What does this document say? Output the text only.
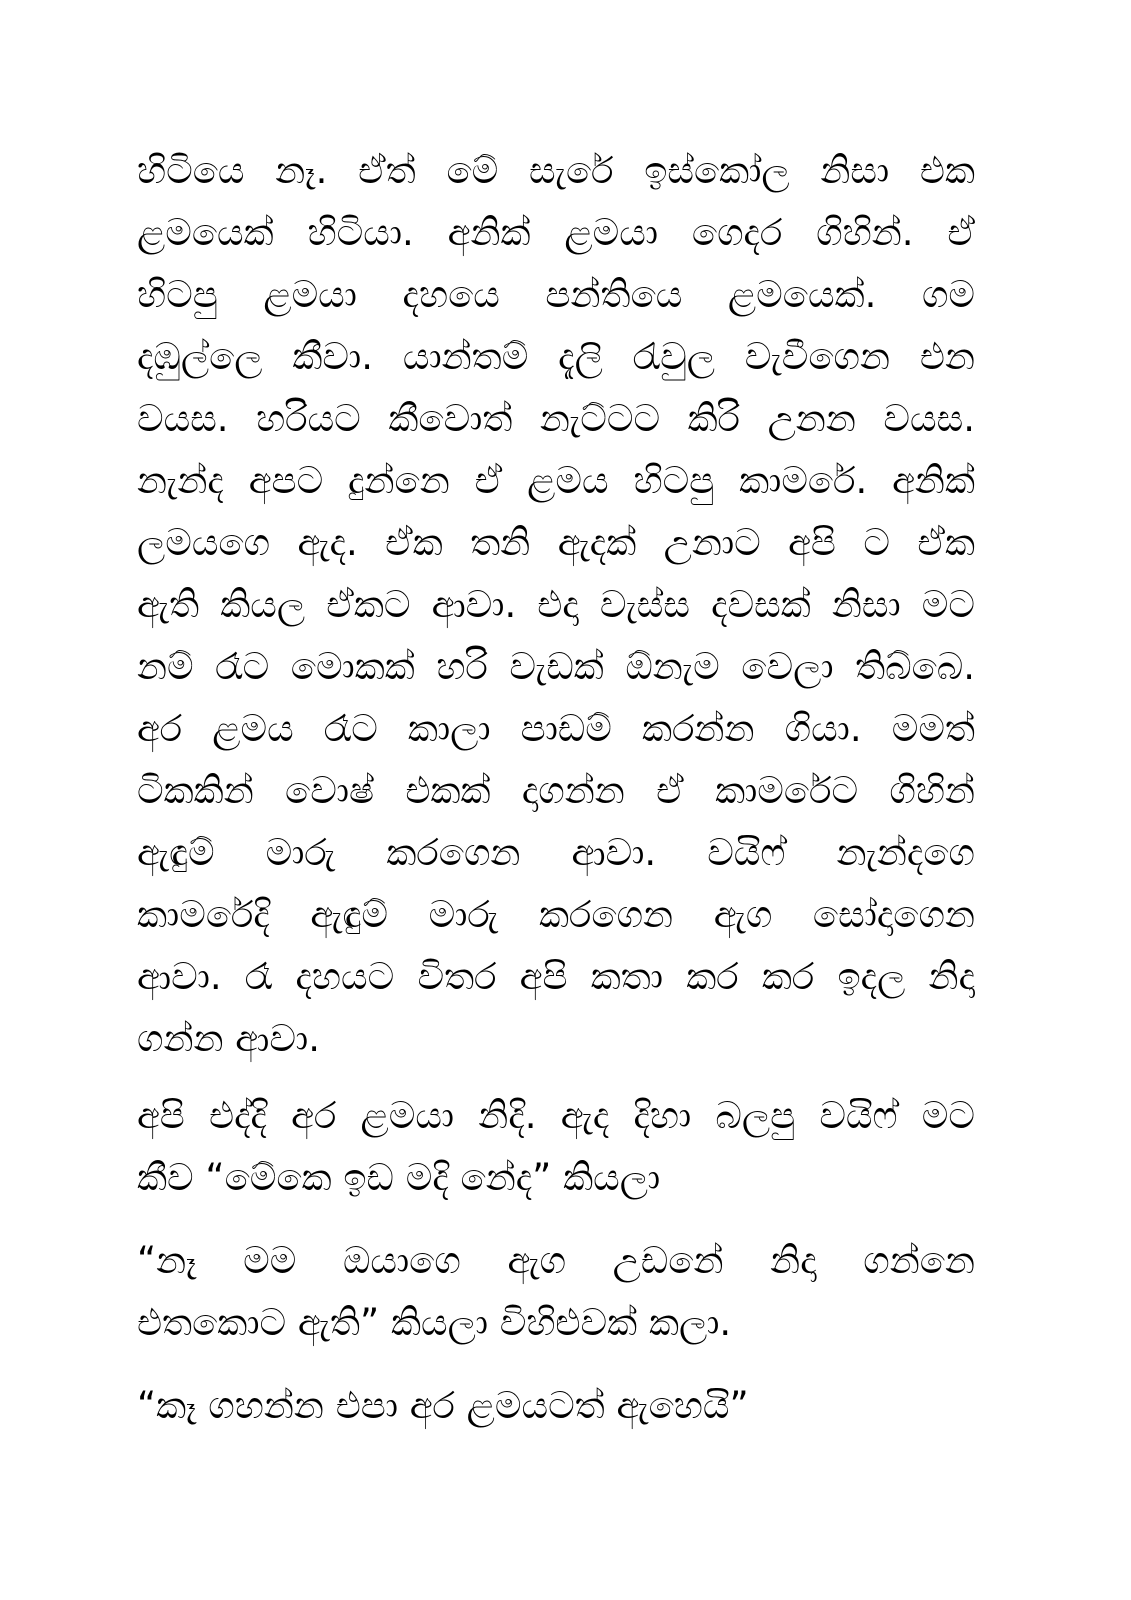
හිටියෙ නෑ. ඒත් මේ සැරේ ඉස්කෝල නිසා එක
ළමයෙක් හිටියා. අනික් ළමයා ගෙදර ගිහින්. ඒ
හිටපු ළමයා දහයෙ පන්තියෙ ළමයෙක්. ගම
දඹුල්ලෙ කීවා. යාන්තම් දැලි රැවුල වැවීගෙන එන
වයස. හරියට කීවොත් නැට්ටට කිරි උනන වයස.
නැන්ද අපට දුන්නෙ ඒ ළමය හිටපු කාමරේ. අනික්
ලමයගෙ ඇද. ඒක තනි ඇදක් උනාට අපි ට ඒක
ඇති කියල ඒකට ආවා. එදා වැස්ස දවසක් නිසා මට
නම් රෑට මොකක් හරි වැඩක් ඕනැම වෙලා තිබ්බෙ.
අර ළමය රෑට කාලා පාඩම් කරන්න ගියා. මමත්
ටිකකින් වොෂ් එකක් දාගන්න ඒ කාමරේට ගිහින්
ඇඳුම් මාරු කරගෙන ආවා. වයිෆ් නැන්දගෙ
කාමරේදි ඇඳුම් මාරු කරගෙන ඇග සෝදාගෙන
ආවා. රෑ දහයට විතර අපි කතා කර කර ඉදල නිදා
ගන්න ආවා.
අපි එද්දි අර ළමයා නිදි. ඇද දිහා බලපු වයිෆ් මට
කීව “මේකෙ ඉඩ මදි නේද” කියලා
“නෑ මම ඔයාගෙ ඇග උඩනේ නිදා ගන්නෙ
එතකොට ඇති” කියලා විහිළුවක් කලා.
“කෑ ගහන්න එපා අර ළමයටත් ඇහෙයි”
